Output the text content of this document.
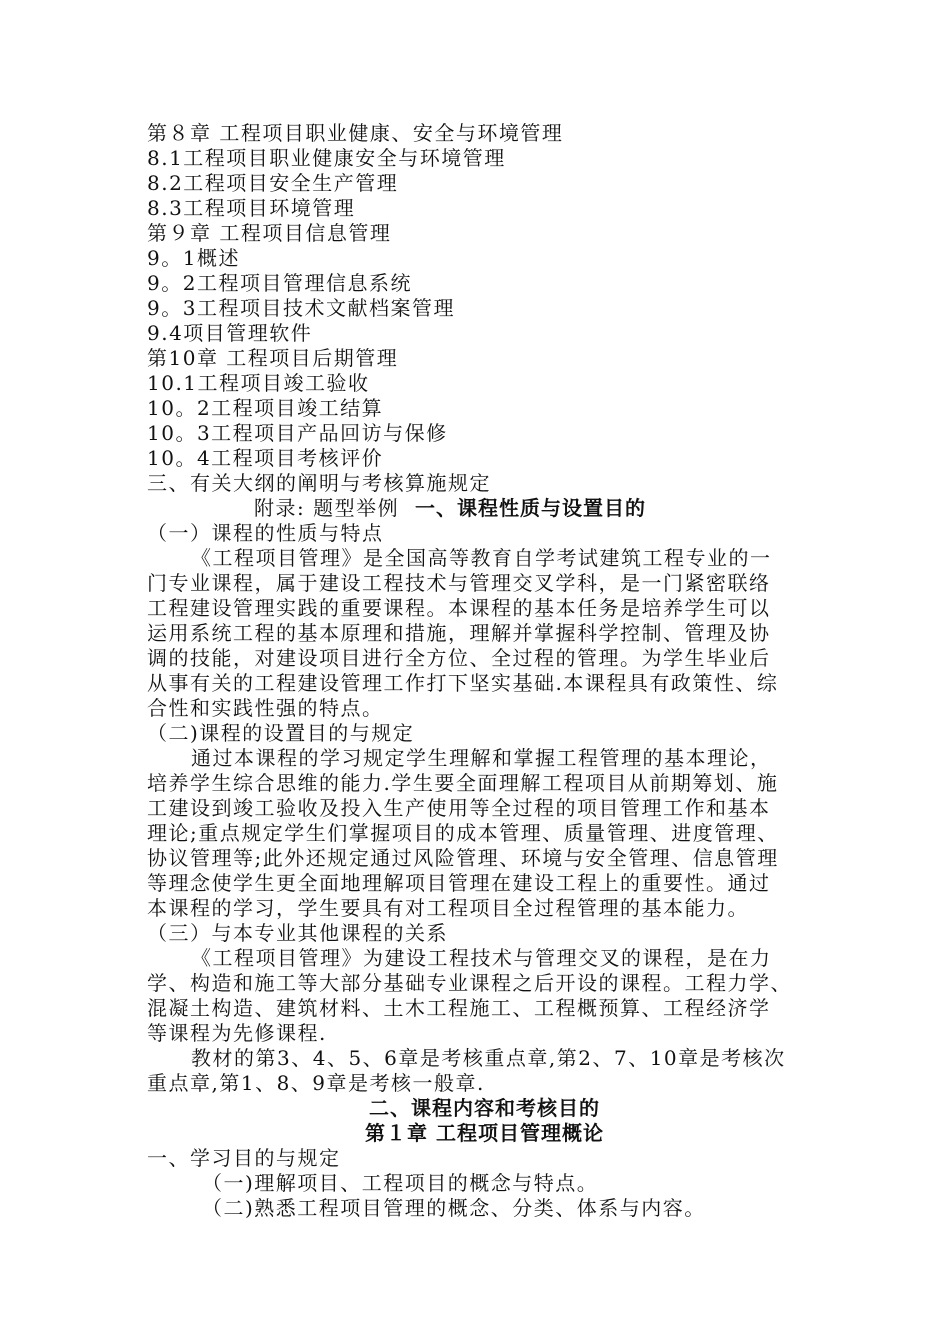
第８章 工程项目职业健康、安全与环境管理
8.1工程项目职业健康安全与环境管理
8.2工程项目安全生产管理
8.3工程项目环境管理
第９章 工程项目信息管理
9。1概述
9。2工程项目管理信息系统
9。3工程项目技术文献档案管理
9.4项目管理软件
第10章 工程项目后期管理
10.1工程项目竣工验收
10。2工程项目竣工结算
10。3工程项目产品回访与保修
10。4工程项目考核评价
三、有关大纲的阐明与考核算施规定
附录: 题型举例 一、课程性质与设置目的
（一）课程的性质与特点
《工程项目管理》是全国高等教育自学考试建筑工程专业的一
门专业课程，属于建设工程技术与管理交叉学科，是一门紧密联络
工程建设管理实践的重要课程。本课程的基本任务是培养学生可以
运用系统工程的基本原理和措施，理解并掌握科学控制、管理及协
调的技能，对建设项目进行全方位、全过程的管理。为学生毕业后
从事有关的工程建设管理工作打下坚实基础.本课程具有政策性、综
合性和实践性强的特点。
（二)课程的设置目的与规定
通过本课程的学习规定学生理解和掌握工程管理的基本理论，
培养学生综合思维的能力.学生要全面理解工程项目从前期筹划、施
工建设到竣工验收及投入生产使用等全过程的项目管理工作和基本
理论;重点规定学生们掌握项目的成本管理、质量管理、进度管理、
协议管理等;此外还规定通过风险管理、环境与安全管理、信息管理
等理念使学生更全面地理解项目管理在建设工程上的重要性。通过
本课程的学习，学生要具有对工程项目全过程管理的基本能力。
（三）与本专业其他课程的关系
《工程项目管理》为建设工程技术与管理交叉的课程，是在力
学、构造和施工等大部分基础专业课程之后开设的课程。工程力学、
混凝土构造、建筑材料、土木工程施工、工程概预算、工程经济学
等课程为先修课程.
教材的第3、4、5、6章是考核重点章,第2、7、10章是考核次
重点章,第1、8、9章是考核一般章.
二、课程内容和考核目的
第１章 工程项目管理概论
一、学习目的与规定
（一)理解项目、工程项目的概念与特点。
（二)熟悉工程项目管理的概念、分类、体系与内容。
